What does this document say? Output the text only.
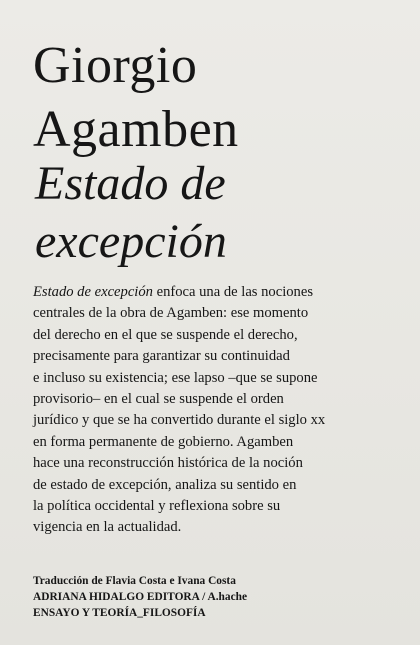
Giorgio
Agamben
Estado de
excepción

Estado de excepción enfoca una de las nociones
centrales de la obra de Agamben: ese momento
del derecho en el que se suspende el derecho,
precisamente para garantizar su continuidad
e incluso su existencia; ese lapso –que se supone
provisorio– en el cual se suspende el orden
jurídico y que se ha convertido durante el siglo xx
en forma permanente de gobierno. Agamben
hace una reconstrucción histórica de la noción
de estado de excepción, analiza su sentido en
la política occidental y reflexiona sobre su
vigencia en la actualidad.

Traducción de Flavia Costa e Ivana Costa
ADRIANA HIDALGO EDITORA / A.hache
ENSAYO Y TEORÍA_FILOSOFÍA
